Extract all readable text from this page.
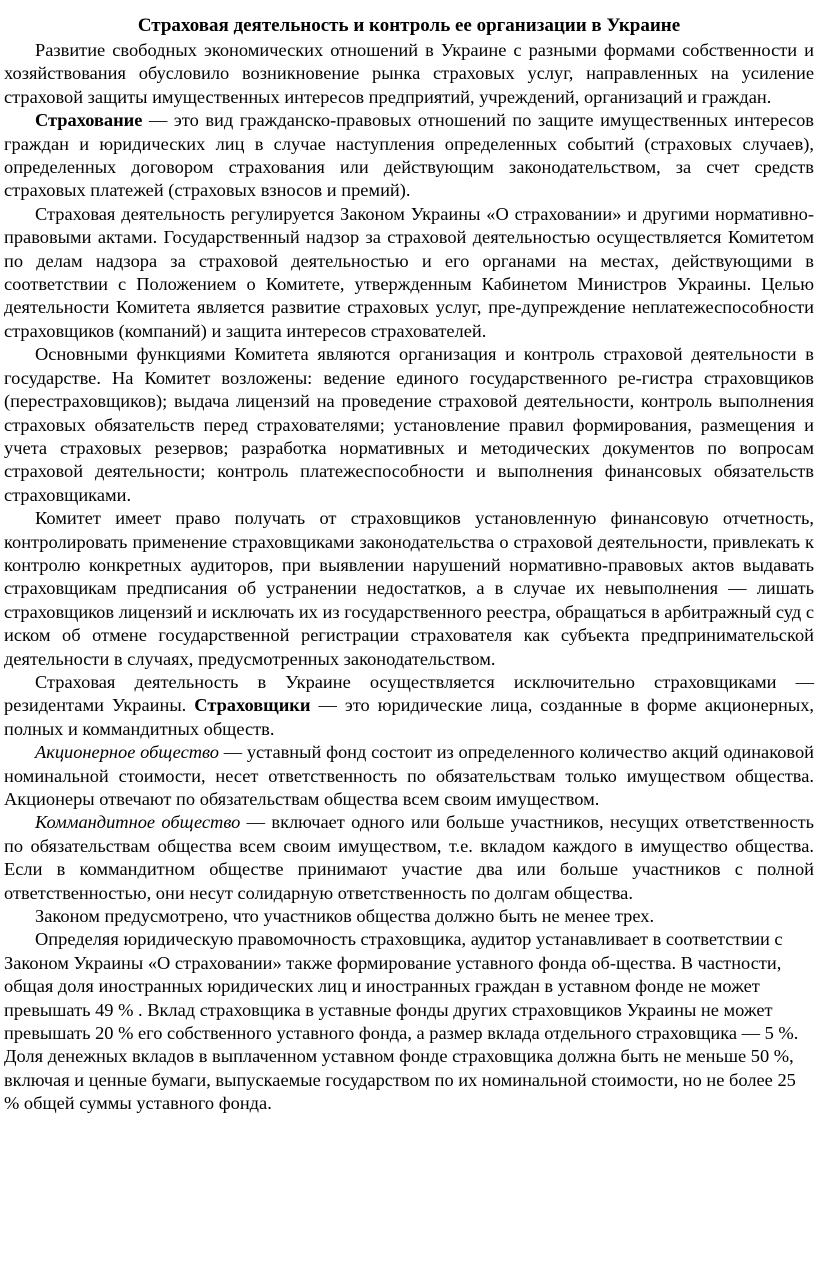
Страховая деятельность и контроль ее организации в Украине

Развитие свободных экономических отношений в Украине с разными формами собственности и хозяйствования обусловило возникновение рынка страховых услуг, направленных на усиление страховой защиты имущественных интересов предприятий, учреждений, организаций и граждан.

Страхование — это вид гражданско-правовых отношений по защите имущественных интересов граждан и юридических лиц в случае наступления определенных событий (страховых случаев), определенных договором страхования или действующим законодательством, за счет средств страховых платежей (страховых взносов и премий).

Страховая деятельность регулируется Законом Украины «О страховании» и другими нормативно-правовыми актами. Государственный надзор за страховой деятельностью осуществляется Комитетом по делам надзора за страховой деятельностью и его органами на местах, действующими в соответствии с Положением о Комитете, утвержденным Кабинетом Министров Украины. Целью деятельности Комитета является развитие страховых услуг, пре-дупреждение неплатежеспособности страховщиков (компаний) и защита интересов страхователей.

Основными функциями Комитета являются организация и контроль страховой деятельности в государстве. На Комитет возложены: ведение единого государственного ре-гистра страховщиков (перестраховщиков); выдача лицензий на проведение страховой деятельности, контроль выполнения страховых обязательств перед страхователями; установление правил формирования, размещения и учета страховых резервов; разработка нормативных и методических документов по вопросам страховой деятельности; контроль платежеспособности и выполнения финансовых обязательств страховщиками.

Комитет имеет право получать от страховщиков установленную финансовую отчетность, контролировать применение страховщиками законодательства о страховой деятельности, привлекать к контролю конкретных аудиторов, при выявлении нарушений нормативно-правовых актов выдавать страховщикам предписания об устранении недостатков, а в случае их невыполнения — лишать страховщиков лицензий и исключать их из государственного реестра, обращаться в арбитражный суд с иском об отмене государственной регистрации страхователя как субъекта предпринимательской деятельности в случаях, предусмотренных законодательством.

Страховая деятельность в Украине осуществляется исключительно страховщиками — резидентами Украины. Страховщики — это юридические лица, созданные в форме акционерных, полных и коммандитных обществ.

Акционерное общество — уставный фонд состоит из определенного количество акций одинаковой номинальной стоимости, несет ответственность по обязательствам только имуществом общества. Акционеры отвечают по обязательствам общества всем своим имуществом.

Коммандитное общество — включает одного или больше участников, несущих ответственность по обязательствам общества всем своим имуществом, т.е. вкладом каждого в имущество общества. Если в коммандитном обществе принимают участие два или больше участников с полной ответственностью, они несут солидарную ответственность по долгам общества.

Законом предусмотрено, что участников общества должно быть не менее трех.

Определяя юридическую правомочность страховщика, аудитор устанавливает в соответствии с Законом Украины «О страховании» также формирование уставного фонда об-щества. В частности, общая доля иностранных юридических лиц и иностранных граждан в уставном фонде не может превышать 49 % . Вклад страховщика в уставные фонды других страховщиков Украины не может превышать 20 % его собственного уставного фонда, а размер вклада отдельного страховщика — 5 %. Доля денежных вкладов в выплаченном уставном фонде страховщика должна быть не меньше 50 %, включая и ценные бумаги, выпускаемые государством по их номинальной стоимости, но не более 25 % общей суммы уставного фонда.
